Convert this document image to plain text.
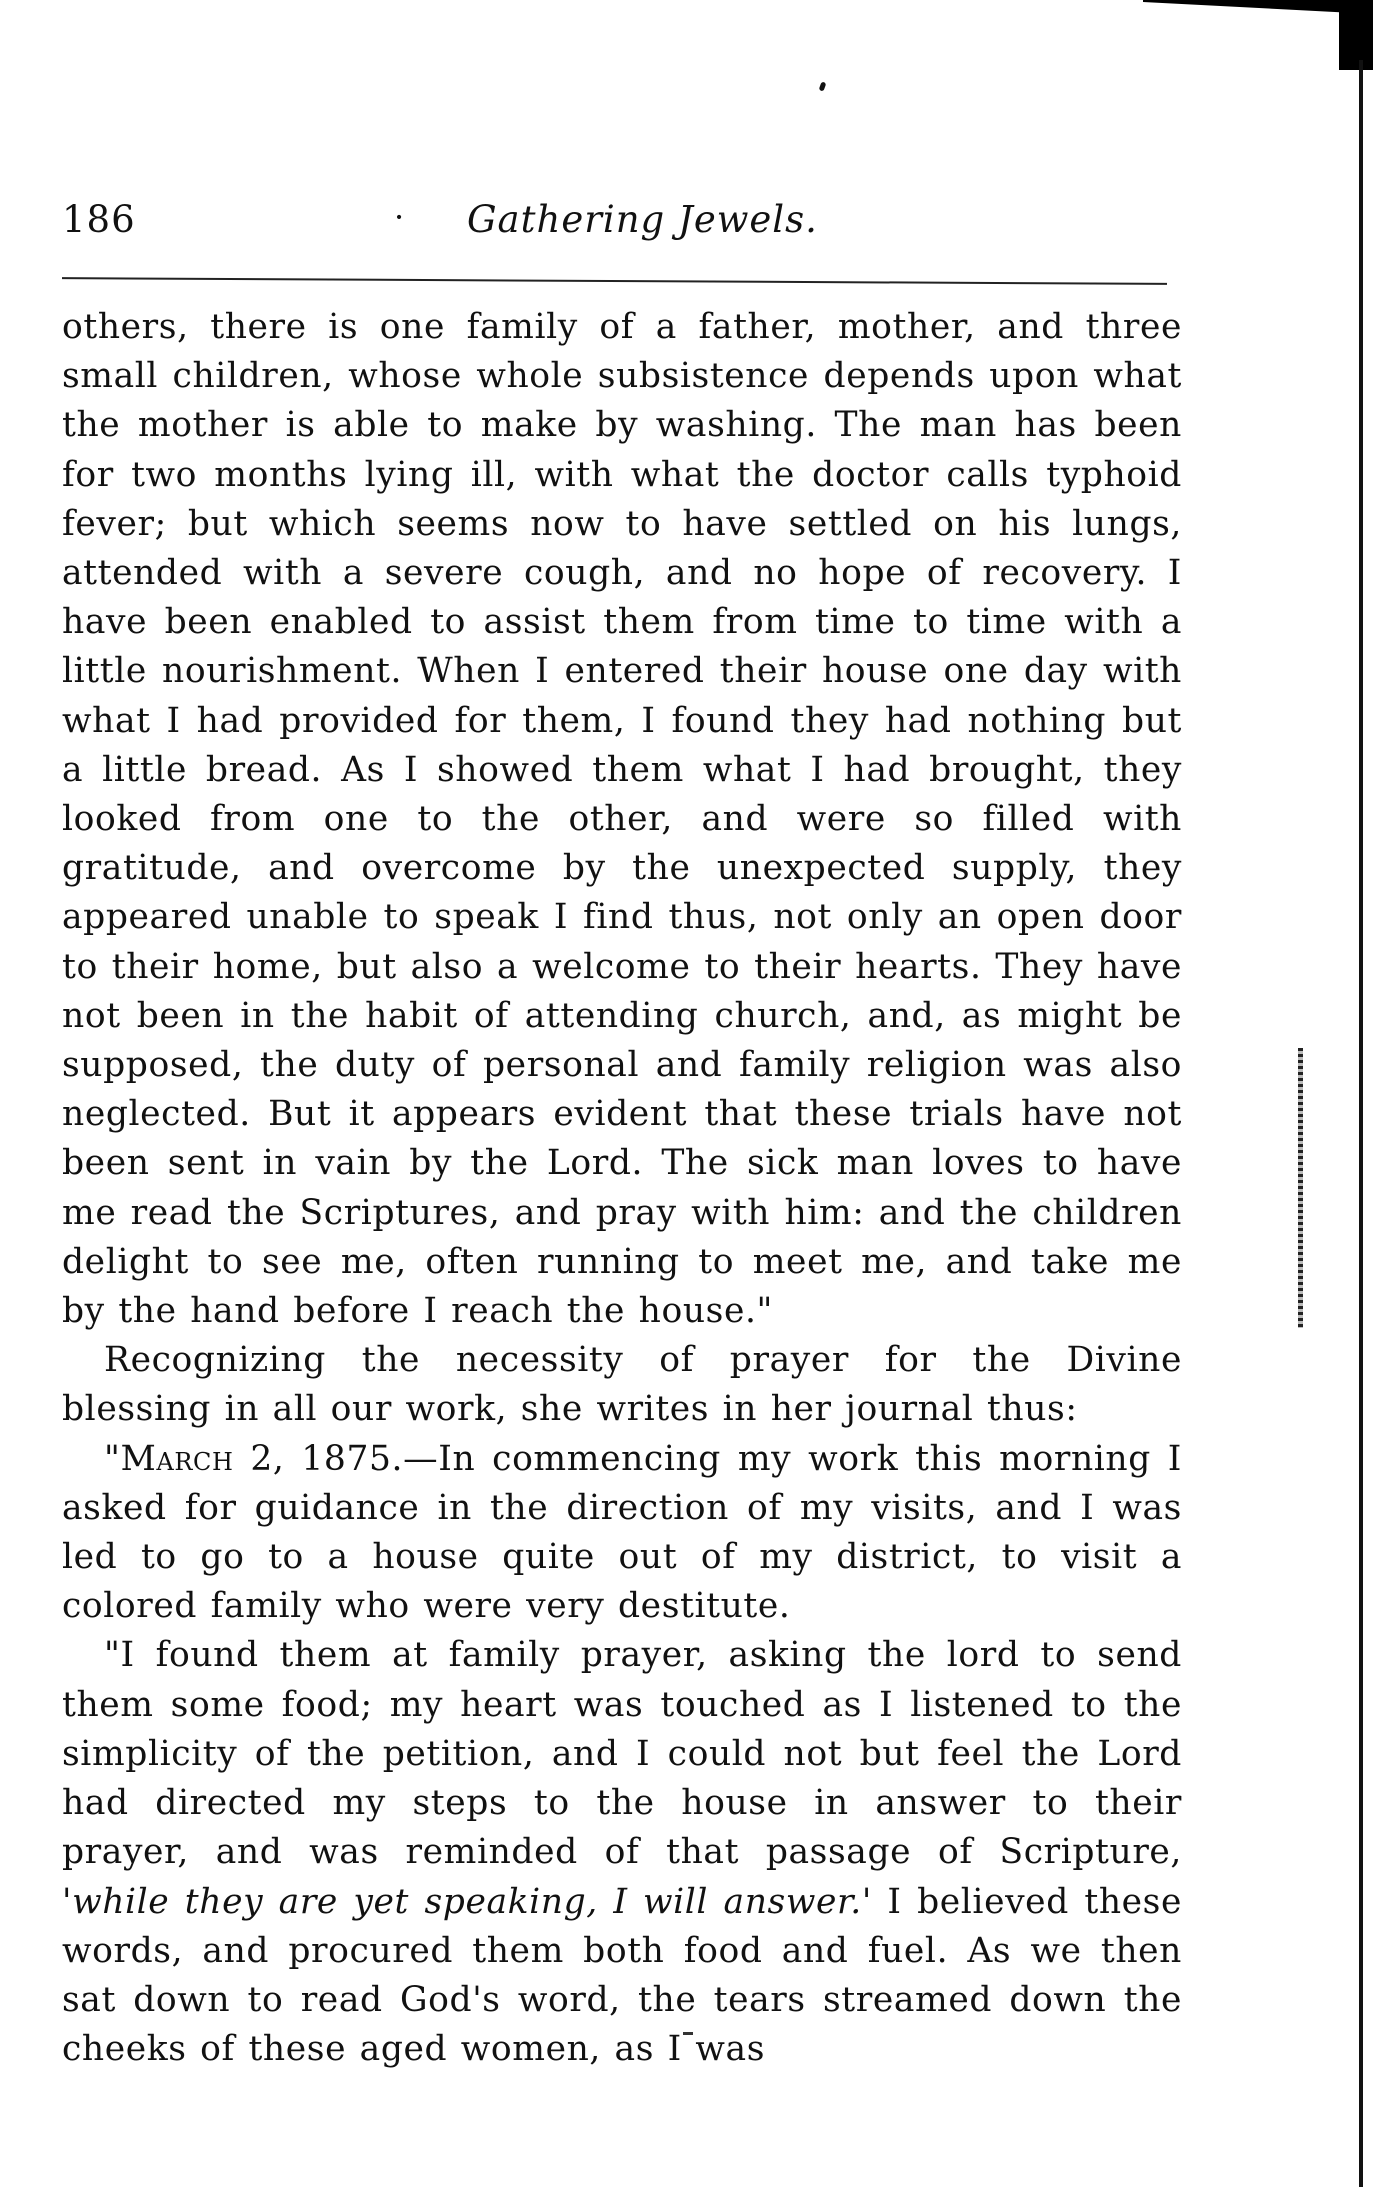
186	· Gathering Jewels.

others, there is one family of a father, mother, and three small children, whose whole subsistence depends upon what the mother is able to make by washing. The man has been for two months lying ill, with what the doctor calls typhoid fever; but which seems now to have settled on his lungs, attended with a severe cough, and no hope of recovery. I have been enabled to assist them from time to time with a little nourishment. When I entered their house one day with what I had provided for them, I found they had nothing but a little bread. As I showed them what I had brought, they looked from one to the other, and were so filled with gratitude, and overcome by the unexpected supply, they appeared unable to speak I find thus, not only an open door to their home, but also a welcome to their hearts. They have not been in the habit of attending church, and, as might be supposed, the duty of personal and family religion was also neglected. But it appears evident that these trials have not been sent in vain by the Lord. The sick man loves to have me read the Scriptures, and pray with him: and the children delight to see me, often running to meet me, and take me by the hand before I reach the house."

Recognizing the necessity of prayer for the Divine blessing in all our work, she writes in her journal thus:

"March 2, 1875.—In commencing my work this morning I asked for guidance in the direction of my visits, and I was led to go to a house quite out of my district, to visit a colored family who were very destitute.

"I found them at family prayer, asking the lord to send them some food; my heart was touched as I listened to the simplicity of the petition, and I could not but feel the Lord had directed my steps to the house in answer to their prayer, and was reminded of that passage of Scripture, 'while they are yet speaking, I will answer.' I believed these words, and procured them both food and fuel. As we then sat down to read God's word, the tears streamed down the cheeks of these aged women, as I was
